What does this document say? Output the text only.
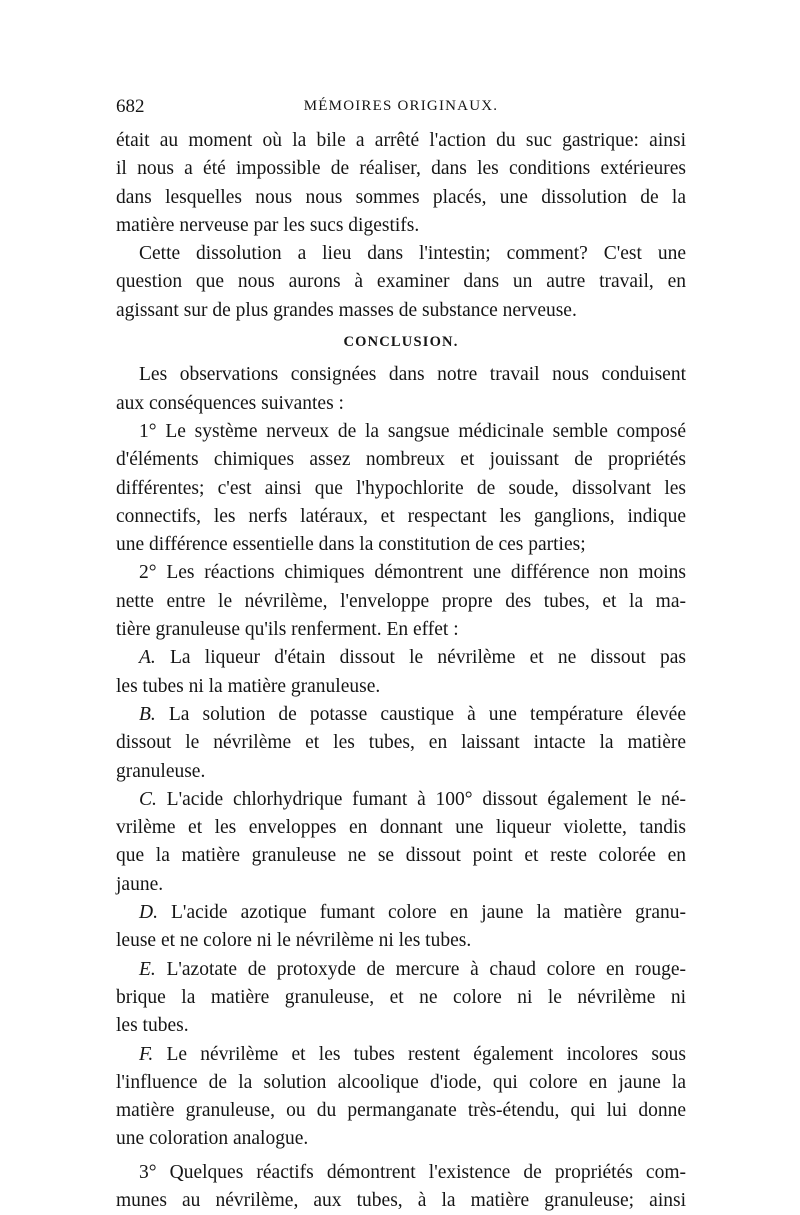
682	MÉMOIRES ORIGINAUX.

était au moment où la bile a arrêté l'action du suc gastrique: ainsi

il nous a été impossible de réaliser, dans les conditions extérieures

dans lesquelles nous nous sommes placés, une dissolution de la

matière nerveuse par les sucs digestifs.

Cette dissolution a lieu dans l'intestin; comment? C'est une

question que nous aurons à examiner dans un autre travail, en

agissant sur de plus grandes masses de substance nerveuse.

CONCLUSION.

Les observations consignées dans notre travail nous conduisent

aux conséquences suivantes :

1° Le système nerveux de la sangsue médicinale semble composé

d'éléments chimiques assez nombreux et jouissant de propriétés

différentes; c'est ainsi que l'hypochlorite de soude, dissolvant les

connectifs, les nerfs latéraux, et respectant les ganglions, indique

une différence essentielle dans la constitution de ces parties;

2° Les réactions chimiques démontrent une différence non moins

nette entre le névrilème, l'enveloppe propre des tubes, et la ma-

tière granuleuse qu'ils renferment. En effet :

A. La liqueur d'étain dissout le névrilème et ne dissout pas

les tubes ni la matière granuleuse.

B. La solution de potasse caustique à une température élevée

dissout le névrilème et les tubes, en laissant intacte la matière

granuleuse.

C. L'acide chlorhydrique fumant à 100° dissout également le né-

vrilème et les enveloppes en donnant une liqueur violette, tandis

que la matière granuleuse ne se dissout point et reste colorée en

jaune.

D. L'acide azotique fumant colore en jaune la matière granu-

leuse et ne colore ni le névrilème ni les tubes.

E. L'azotate de protoxyde de mercure à chaud colore en rouge-

brique la matière granuleuse, et ne colore ni le névrilème ni

les tubes.

F. Le névrilème et les tubes restent également incolores sous

l'influence de la solution alcoolique d'iode, qui colore en jaune la

matière granuleuse, ou du permanganate très-étendu, qui lui donne

une coloration analogue.

3° Quelques réactifs démontrent l'existence de propriétés com-

munes au névrilème, aux tubes, à la matière granuleuse; ainsi
